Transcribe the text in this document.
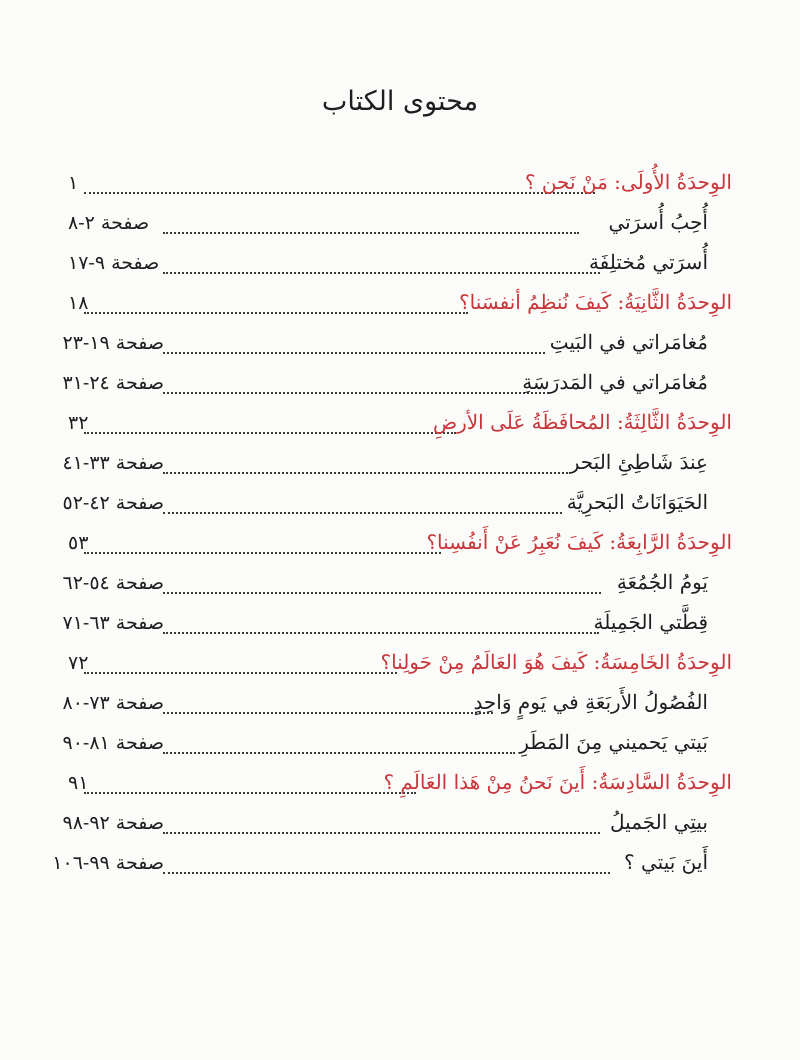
محتوى الكتاب
١	الوِحدَةُ الأُولَى: مَنْ نَحن ؟
صفحة ٢-٨	أُحِبُ أُسرَتي
صفحة ٩-١٧	أُسرَتي مُختلِفَة
١٨	الوِحدَةُ الثَّانِيَةُ: كَيفَ نُنظِمُ أنفسَنا؟
صفحة ١٩-٢٣	مُغامَراتي في البَيتِ
صفحة ٢٤-٣١	مُغامَراتي في المَدرَسَةِ
٣٢	الوِحدَةُ الثَّالِثَةُ: المُحافَظَةُ عَلَى الأرضِ
صفحة ٣٣-٤١	عِندَ شَاطِئِ البَحر
صفحة ٤٢-٥٢	الحَيَوَانَاتُ البَحرِيَّة
٥٣	الوِحدَةُ الرَّابِعَةُ: كَيفَ نُعَبِرُ عَنْ أَنفُسِنا؟
صفحة ٥٤-٦٢	يَومُ الجُمُعَةِ
صفحة ٦٣-٧١	قِطَّتي الجَمِيلَة
٧٢	الوِحدَةُ الخَامِسَةُ: كَيفَ هُوَ العَالَمُ مِنْ حَولِنا؟
صفحة ٧٣-٨٠	الفُصُولُ الأَربَعَةِ في يَومٍ وَاحِدٍ
صفحة ٨١-٩٠	بَيتي يَحميني مِنَ المَطَرِ
٩١	الوِحدَةُ السَّادِسَةُ: أَينَ نَحنُ مِنْ هَذا العَالَمِ ؟
صفحة ٩٢-٩٨	بيتِي الجَميلُ
صفحة ٩٩-١٠٦	أَينَ بَيتي ؟
